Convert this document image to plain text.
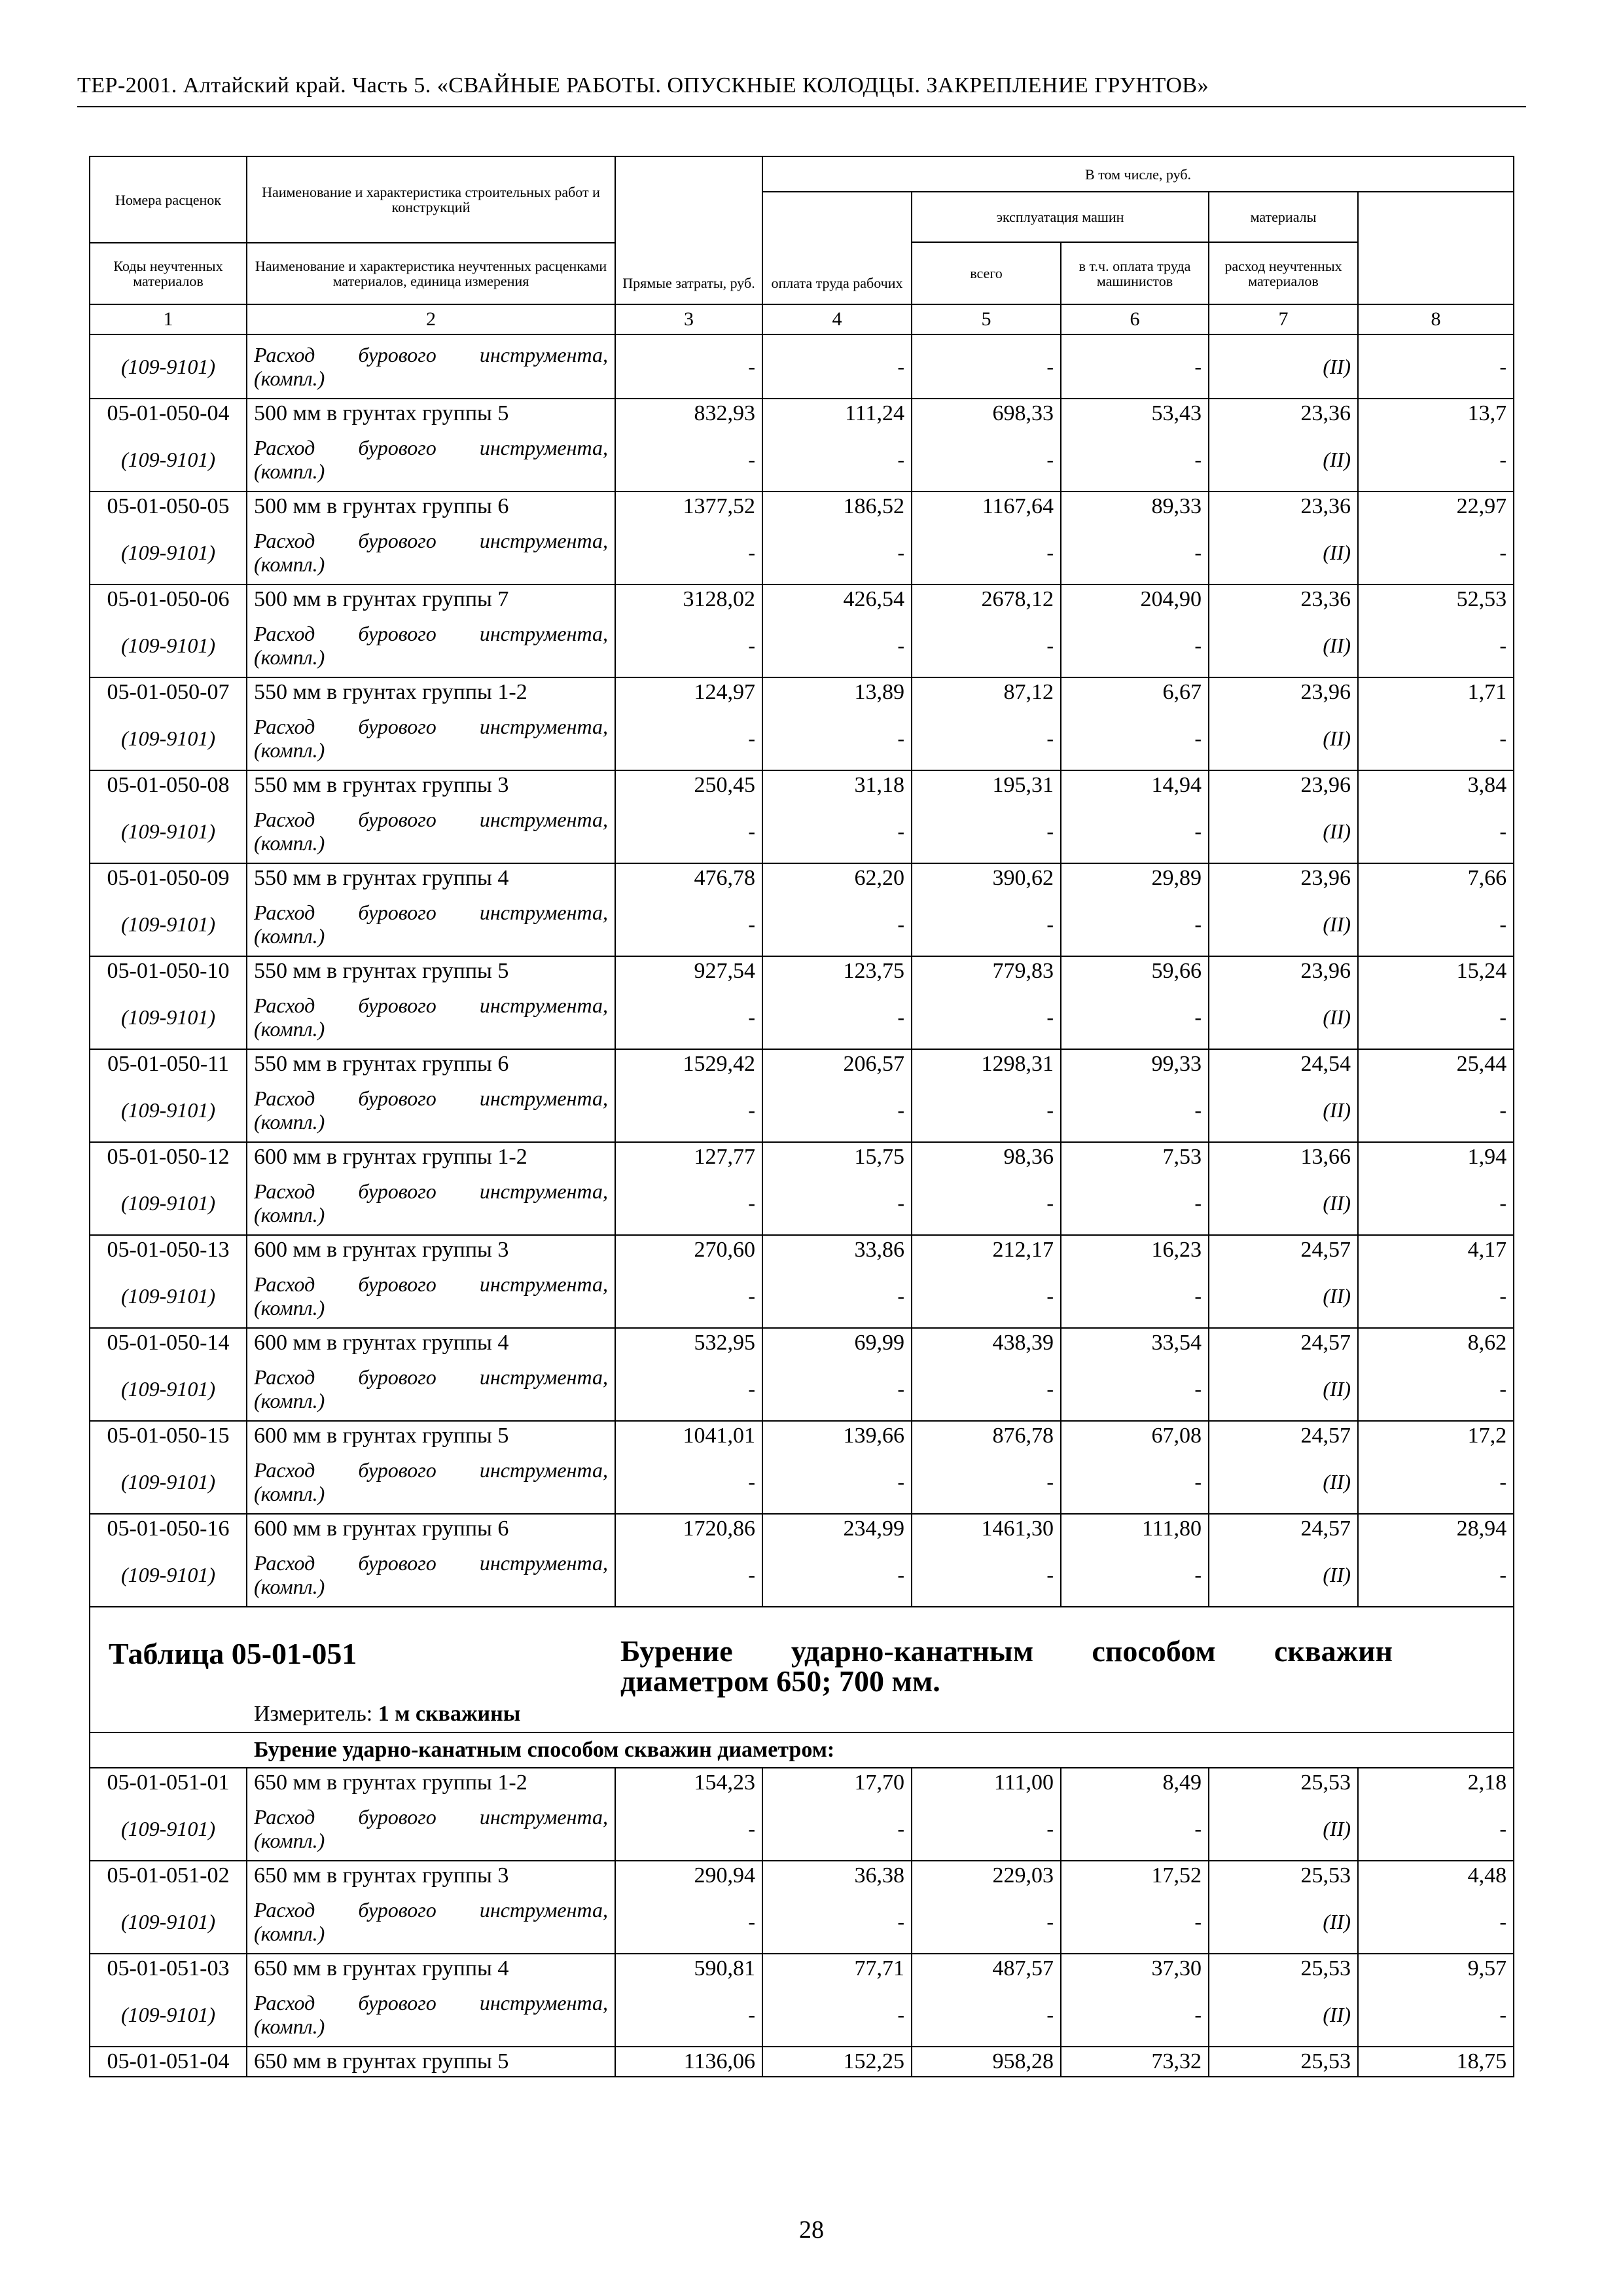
ТЕР-2001. Алтайский край. Часть 5. «СВАЙНЫЕ РАБОТЫ. ОПУСКНЫЕ КОЛОДЦЫ. ЗАКРЕПЛЕНИЕ ГРУНТОВ»
Номера расценок	Наименование и характеристика строительных работ и конструкций	Прямые затраты, руб.	В том числе, руб.	
			оплата труда рабочих	эксплуатация машин		материалы		
				всего	в т.ч. оплата труда машинистов	расход неучтенных материалов		
Коды неучтенных материалов	Наименование и характеристика неучтенных расценками материалов, единица измерения							

1	2	3	4	5	6	7	8	
(109-9101)	Расход бурового инструмента, (компл.)	-	-	-	-	(II)	-	
05-01-050-04	500 мм в грунтах группы 5	832,93	111,24	698,33	53,43	23,36	13,7	
(109-9101)	Расход бурового инструмента, (компл.)	-	-	-	-	(II)	-	
05-01-050-05	500 мм в грунтах группы 6	1377,52	186,52	1167,64	89,33	23,36	22,97	
(109-9101)	Расход бурового инструмента, (компл.)	-	-	-	-	(II)	-	
05-01-050-06	500 мм в грунтах группы 7	3128,02	426,54	2678,12	204,90	23,36	52,53	
(109-9101)	Расход бурового инструмента, (компл.)	-	-	-	-	(II)	-	
05-01-050-07	550 мм в грунтах группы 1-2	124,97	13,89	87,12	6,67	23,96	1,71	
(109-9101)	Расход бурового инструмента, (компл.)	-	-	-	-	(II)	-	
05-01-050-08	550 мм в грунтах группы 3	250,45	31,18	195,31	14,94	23,96	3,84	
(109-9101)	Расход бурового инструмента, (компл.)	-	-	-	-	(II)	-	
05-01-050-09	550 мм в грунтах группы 4	476,78	62,20	390,62	29,89	23,96	7,66	
(109-9101)	Расход бурового инструмента, (компл.)	-	-	-	-	(II)	-	
05-01-050-10	550 мм в грунтах группы 5	927,54	123,75	779,83	59,66	23,96	15,24	
(109-9101)	Расход бурового инструмента, (компл.)	-	-	-	-	(II)	-	
05-01-050-11	550 мм в грунтах группы 6	1529,42	206,57	1298,31	99,33	24,54	25,44	
(109-9101)	Расход бурового инструмента, (компл.)	-	-	-	-	(II)	-	
05-01-050-12	600 мм в грунтах группы 1-2	127,77	15,75	98,36	7,53	13,66	1,94	
(109-9101)	Расход бурового инструмента, (компл.)	-	-	-	-	(II)	-	
05-01-050-13	600 мм в грунтах группы 3	270,60	33,86	212,17	16,23	24,57	4,17	
(109-9101)	Расход бурового инструмента, (компл.)	-	-	-	-	(II)	-	
05-01-050-14	600 мм в грунтах группы 4	532,95	69,99	438,39	33,54	24,57	8,62	
(109-9101)	Расход бурового инструмента, (компл.)	-	-	-	-	(II)	-	
05-01-050-15	600 мм в грунтах группы 5	1041,01	139,66	876,78	67,08	24,57	17,2	
(109-9101)	Расход бурового инструмента, (компл.)	-	-	-	-	(II)	-	
05-01-050-16	600 мм в грунтах группы 6	1720,86	234,99	1461,30	111,80	24,57	28,94	
(109-9101)	Расход бурового инструмента, (компл.)	-	-	-	-	(II)	-	

Таблица 05-01-051 Бурение ударно-канатным способом скважин диаметром 650; 700 мм.
Измеритель: 1 м скважины								

Бурение ударно-канатным способом скважин диаметром:								
05-01-051-01	650 мм в грунтах группы 1-2	154,23	17,70	111,00	8,49	25,53	2,18	
(109-9101)	Расход бурового инструмента, (компл.)	-	-	-	-	(II)	-	
05-01-051-02	650 мм в грунтах группы 3	290,94	36,38	229,03	17,52	25,53	4,48	
(109-9101)	Расход бурового инструмента, (компл.)	-	-	-	-	(II)	-	
05-01-051-03	650 мм в грунтах группы 4	590,81	77,71	487,57	37,30	25,53	9,57	
(109-9101)	Расход бурового инструмента, (компл.)	-	-	-	-	(II)	-	
05-01-051-04	650 мм в грунтах группы 5	1136,06	152,25	958,28	73,32	25,53	18,75	
28
